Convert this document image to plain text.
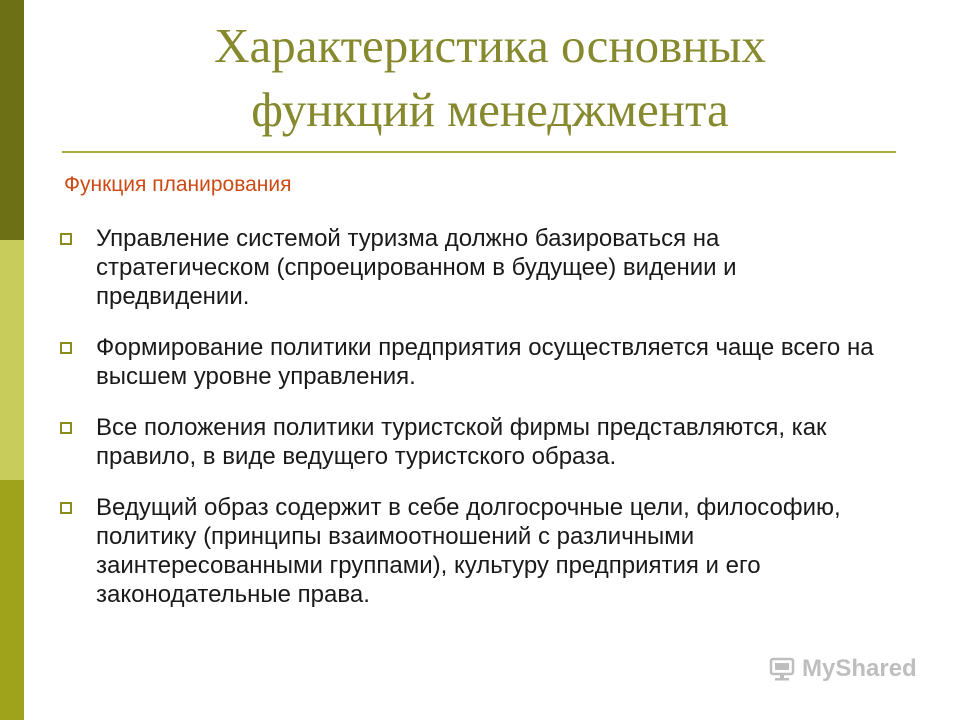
Характеристика основных
функций менеджмента
Функция планирования
Управление системой туризма должно базироваться на стратегическом (спроецированном в будущее) видении и предвидении.
Формирование политики предприятия осуществляется чаще всего на высшем уровне управления.
Все положения политики туристской фирмы представляются, как правило, в виде ведущего туристского образа.
Ведущий образ содержит в себе долгосрочные цели, философию, политику (принципы взаимоотношений с различными заинтересованными группами), культуру предприятия и его законодательные права.
MyShared
